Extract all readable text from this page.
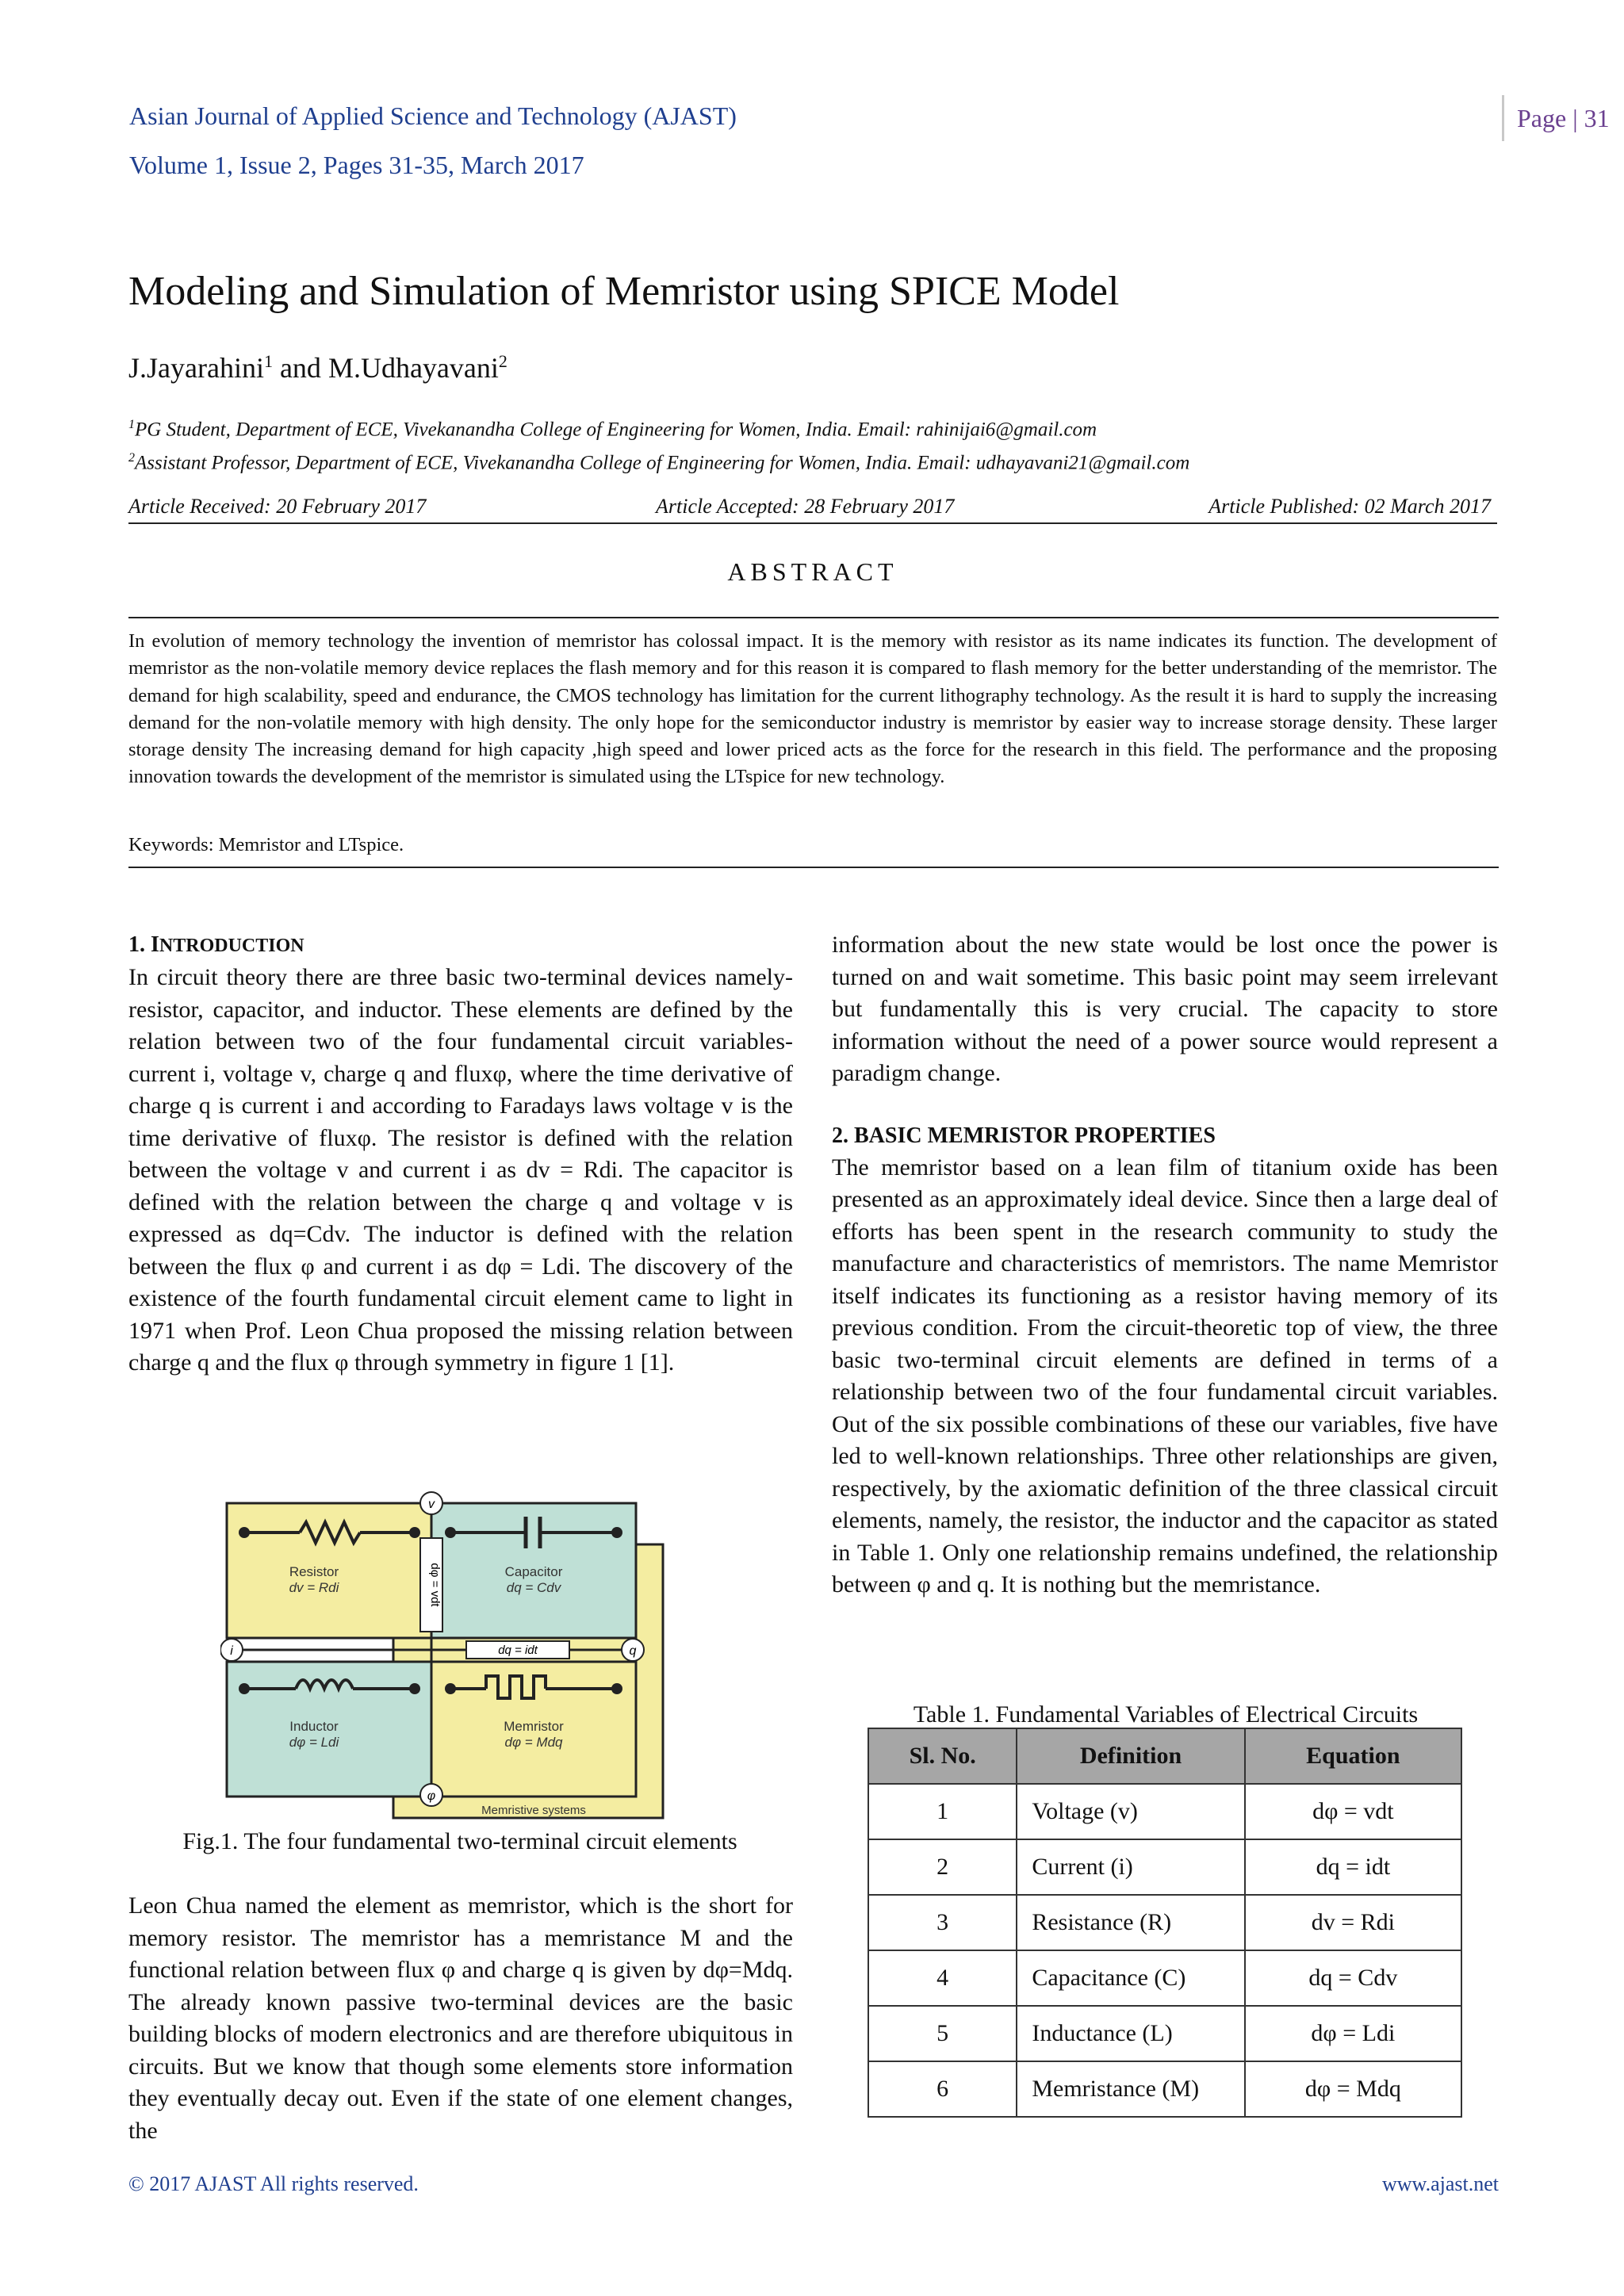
Asian Journal of Applied Science and Technology (AJAST)
Volume 1, Issue 2, Pages 31-35, March 2017
Page | 31
Modeling and Simulation of Memristor using SPICE Model
J.Jayarahini$^1$ and M.Udhayavani$^2$
$^1$PG Student, Department of ECE, Vivekanandha College of Engineering for Women, India. Email: rahinijai6@gmail.com
$^2$Assistant Professor, Department of ECE, Vivekanandha College of Engineering for Women, India. Email: udhayavani21@gmail.com
Article Received: 20 February 2017	Article Accepted: 28 February 2017	Article Published: 02 March 2017
ABSTRACT
In evolution of memory technology the invention of memristor has colossal impact. It is the memory with resistor as its name indicates its function. The development of memristor as the non-volatile memory device replaces the flash memory and for this reason it is compared to flash memory for the better understanding of the memristor. The demand for high scalability, speed and endurance, the CMOS technology has limitation for the current lithography technology. As the result it is hard to supply the increasing demand for the non-volatile memory with high density. The only hope for the semiconductor industry is memristor by easier way to increase storage density. These larger storage density The increasing demand for high capacity ,high speed and lower priced acts as the force for the research in this field. The performance and the proposing innovation towards the development of the memristor is simulated using the LTspice for new technology.
Keywords: Memristor and LTspice.
1. INTRODUCTION

In circuit theory there are three basic two-terminal devices namely-resistor, capacitor, and inductor. These elements are defined by the relation between two of the four fundamental circuit variables- current i, voltage v, charge q and fluxφ, where the time derivative of charge q is current i and according to Faradays laws voltage v is the time derivative of fluxφ. The resistor is defined with the relation between the voltage v and current i as dv = Rdi. The capacitor is defined with the relation between the charge q and voltage v is expressed as dq=Cdv. The inductor is defined with the relation between the flux φ and current i as dφ = Ldi. The discovery of the existence of the fourth fundamental circuit element came to light in 1971 when Prof. Leon Chua proposed the missing relation between charge q and the flux φ through symmetry in figure 1 [1].

dφ = vdt
dq = idt
v
i	q
φ
Resistor
dv = Rdi
Capacitor
dq = Cdv
Inductor
dφ = Ldi
Memristor
dφ = Mdq
Memristive systems
Fig.1. The four fundamental two-terminal circuit elements

Leon Chua named the element as memristor, which is the short for memory resistor. The memristor has a memristance M and the functional relation between flux φ and charge q is given by dφ=Mdq. The already known passive two-terminal devices are the basic building blocks of modern electronics and are therefore ubiquitous in circuits. But we know that though some elements store information they eventually decay out. Even if the state of one element changes, the

information about the new state would be lost once the power is turned on and wait sometime. This basic point may seem irrelevant but fundamentally this is very crucial. The capacity to store information without the need of a power source would represent a paradigm change.

2. BASIC MEMRISTOR PROPERTIES

The memristor based on a lean film of titanium oxide has been presented as an approximately ideal device. Since then a large deal of efforts has been spent in the research community to study the manufacture and characteristics of memristors. The name Memristor itself indicates its functioning as a resistor having memory of its previous condition. From the circuit-theoretic top of view, the three basic two-terminal circuit elements are defined in terms of a relationship between two of the four fundamental circuit variables. Out of the six possible combinations of these our variables, five have led to well-known relationships. Three other relationships are given, respectively, by the axiomatic definition of the three classical circuit elements, namely, the resistor, the inductor and the capacitor as stated in Table 1. Only one relationship remains undefined, the relationship between φ and q. It is nothing but the memristance.

Table 1. Fundamental Variables of Electrical Circuits
Sl. No.	Definition	Equation
1	Voltage (v)	dφ = vdt
2	Current (i)	dq = idt
3	Resistance (R)	dv = Rdi
4	Capacitance (C)	dq = Cdv
5	Inductance (L)	dφ = Ldi
6	Memristance (M)	dφ = Mdq
© 2017 AJAST All rights reserved.	www.ajast.net
